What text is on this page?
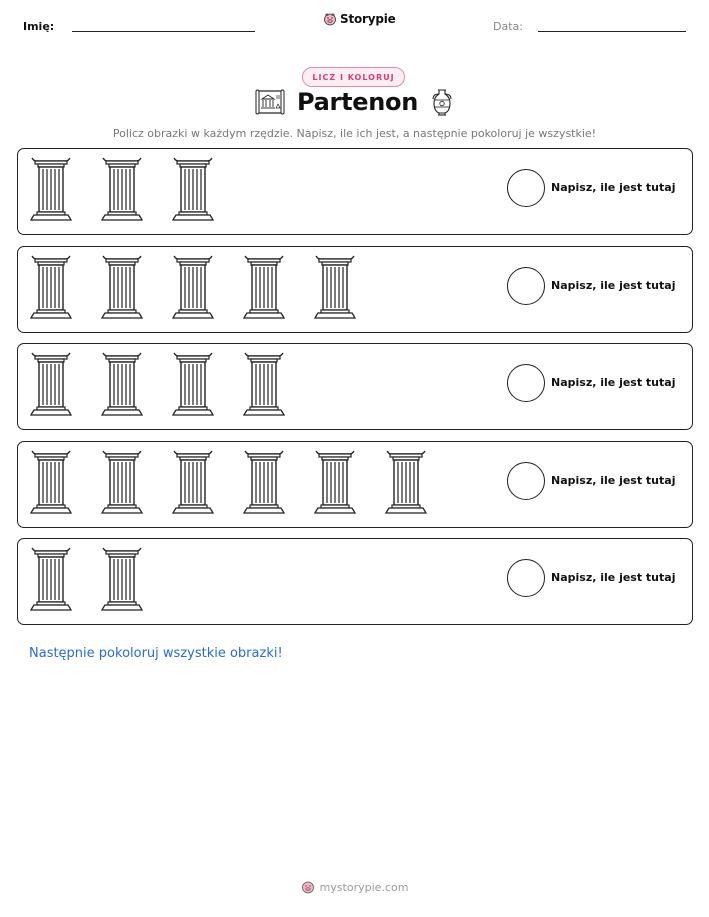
Imię:
Storypie
Data:
LICZ I KOLORUJ
Partenon
Policz obrazki w każdym rzędzie. Napisz, ile ich jest, a następnie pokoloruj je wszystkie!
Napisz, ile jest tutaj
Napisz, ile jest tutaj
Napisz, ile jest tutaj
Napisz, ile jest tutaj
Napisz, ile jest tutaj
Następnie pokoloruj wszystkie obrazki!
mystorypie.com
